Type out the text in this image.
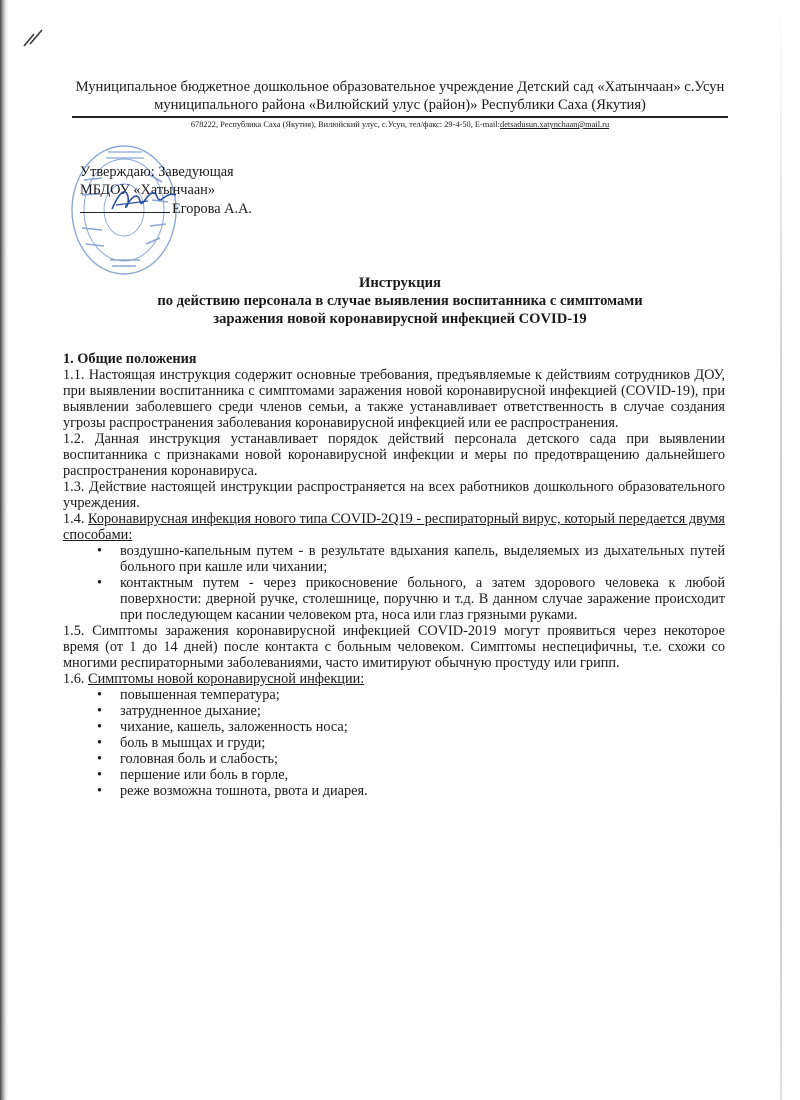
Муниципальное бюджетное дошкольное образовательное учреждение Детский сад «Хатынчаан» с.Усун
муниципального района «Вилюйский улус (район)» Республики Саха (Якутия)
678222, Республика Саха (Якутия), Вилюйский улус, с.Усун, тел/факс: 29-4-50, E-mail:detsadusun.xatynchaan@mail.ru
Утверждаю: Заведующая
МБДОУ «Хатынчаан»
Егорова А.А.
Инструкция
по действию персонала в случае выявления воспитанника с симптомами
заражения новой коронавирусной инфекцией COVID-19

1. Общие положения

1.1. Настоящая инструкция содержит основные требования, предъявляемые к действиям сотрудников ДОУ, при выявлении воспитанника с симптомами заражения новой коронавирусной инфекцией (COVID-19), при выявлении заболевшего среди членов семьи, а также устанавливает ответственность в случае создания угрозы распространения заболевания коронавирусной инфекцией или ее распространения.

1.2. Данная инструкция устанавливает порядок действий персонала детского сада при выявлении воспитанника с признаками новой коронавирусной инфекции и меры по предотвращению дальнейшего распространения коронавируса.

1.3. Действие настоящей инструкции распространяется на всех работников дошкольного образовательного учреждения.

1.4. Коронавирусная инфекция нового типа COVID-2Q19 - респираторный вирус, который передается двумя способами:

• воздушно-капельным путем - в результате вдыхания капель, выделяемых из дыхательных путей больного при кашле или чихании;
• контактным путем - через прикосновение больного, а затем здорового человека к любой поверхности: дверной ручке, столешнице, поручню и т.д. В данном случае заражение происходит при последующем касании человеком рта, носа или глаз грязными руками.

1.5. Симптомы заражения коронавирусной инфекцией COVID-2019 могут проявиться через некоторое время (от 1 до 14 дней) после контакта с больным человеком. Симптомы неспецифичны, т.е. схожи со многими респираторными заболеваниями, часто имитируют обычную простуду или грипп.

1.6. Симптомы новой коронавирусной инфекции:

• повышенная температура;
• затрудненное дыхание;
• чихание, кашель, заложенность носа;
• боль в мышцах и груди;
• головная боль и слабость;
• першение или боль в горле,
• реже возможна тошнота, рвота и диарея.
